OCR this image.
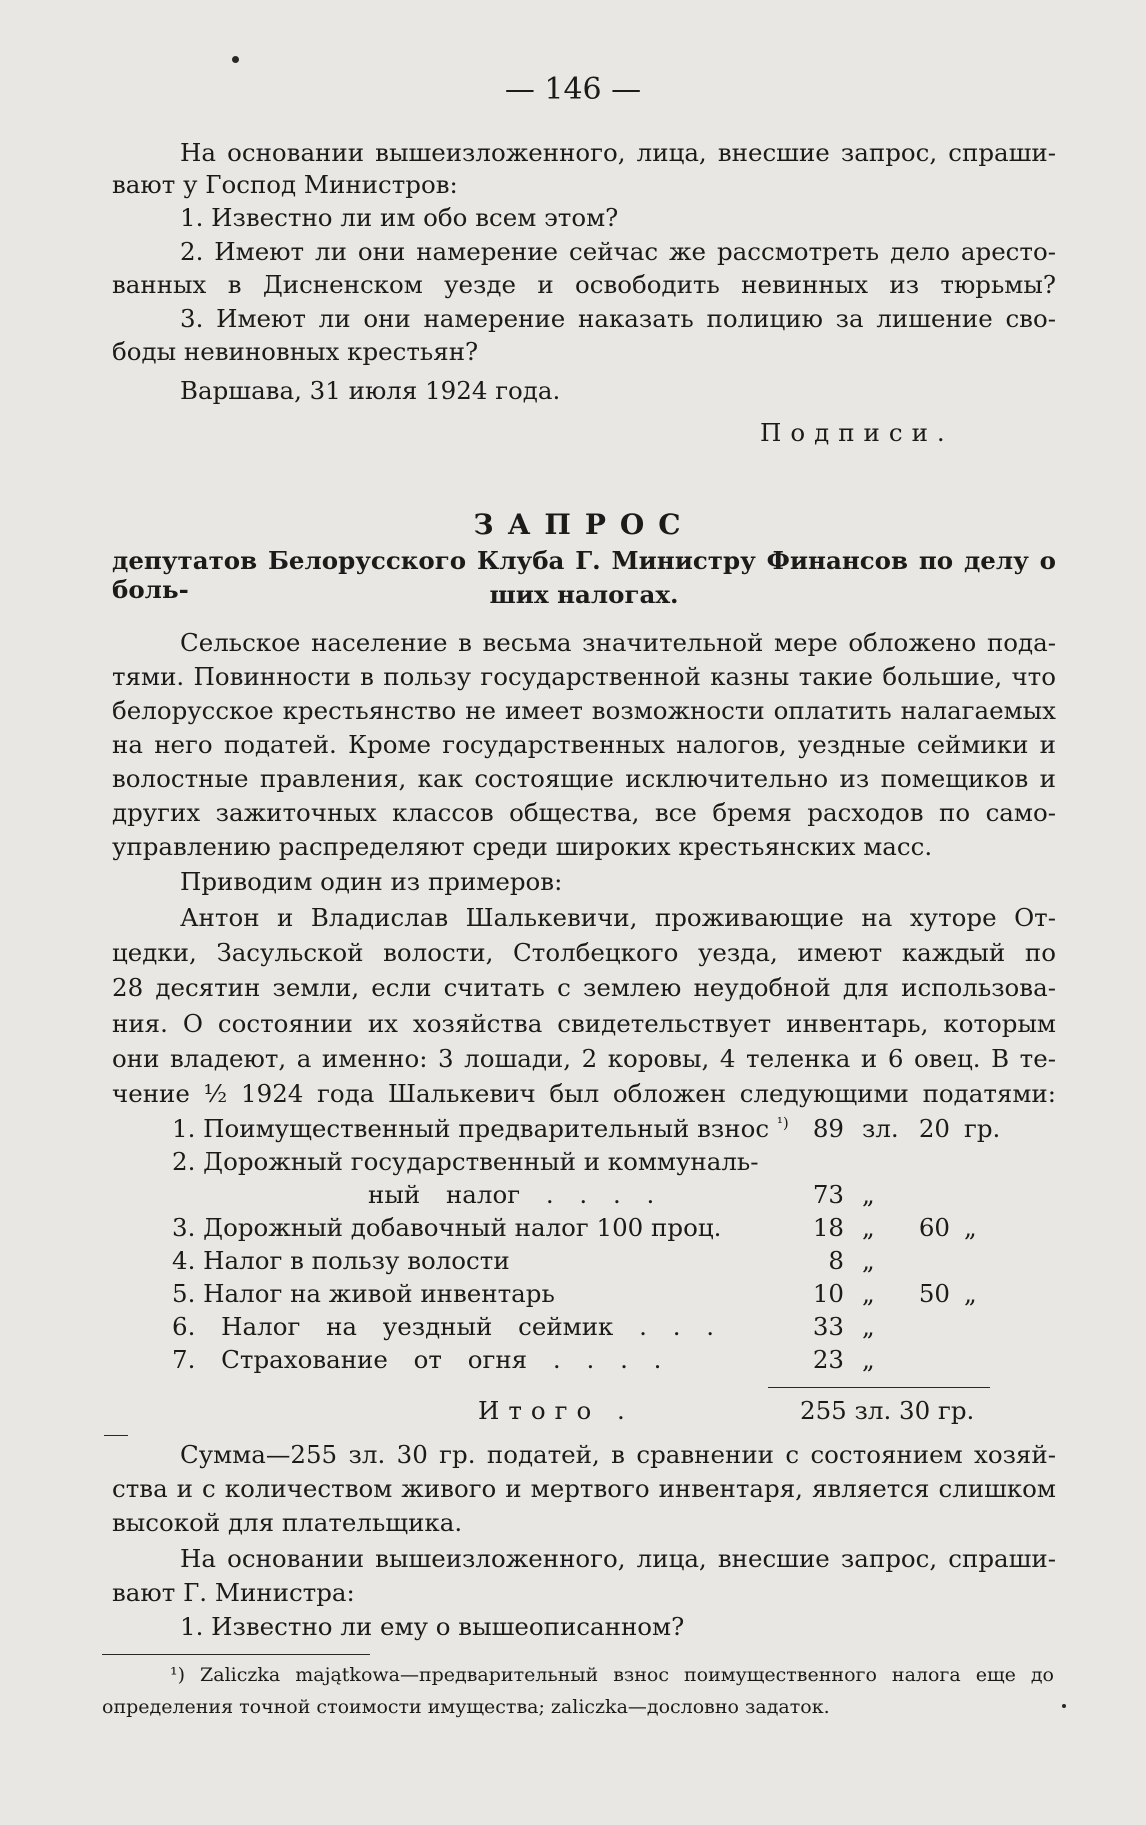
— 146 —
На основании вышеизложенного, лица, внесшие запрос, спраши-
вают у Господ Министров:
1. Известно ли им обо всем этом?
2. Имеют ли они намерение сейчас же рассмотреть дело аресто-
ванных в Дисненском уезде и освободить невинных из тюрьмы?
3. Имеют ли они намерение наказать полицию за лишение сво-
боды невиновных крестьян?
Варшава, 31 июля 1924 года.
Подписи.
ЗАПРОС
депутатов Белорусского Клуба Г. Министру Финансов по делу о боль-	ших налогах.
Сельское население в весьма значительной мере обложено пода-
тями. Повинности в пользу государственной казны такие большие, что
белорусское крестьянство не имеет возможности оплатить налагаемых
на него податей. Кроме государственных налогов, уездные сеймики и
волостные правления, как состоящие исключительно из помещиков и
других зажиточных классов общества, все бремя расходов по само-
управлению распределяют среди широких крестьянских масс.
Приводим один из примеров:
Антон и Владислав Шалькевичи, проживающие на хуторе От-
цедки, Засульской волости, Столбецкого уезда, имеют каждый по
28 десятин земли, если считать с землею неудобной для использова-
ния. О состоянии их хозяйства свидетельствует инвентарь, которым
они владеют, а именно: 3 лошади, 2 коровы, 4 теленка и 6 овец. В те-
чение ½ 1924 года Шалькевич был обложен следующими податями:
1. Поимущественный предварительный взнос $^{^1)}$ 89 зл. 20 гр.
2. Дорожный государственный и коммуналь-
ный налог . . . .	73 „
3. Дорожный добавочный налог 100 проц.	18 „ 60 „
4. Налог в пользу волости	8 „
5. Налог на живой инвентарь	10 „ 50 „
6. Налог на уездный сеймик . . .	33 „
7. Страхование от огня . . . .	23 „
Итого .	255 зл. 30 гр.
Сумма—255 зл. 30 гр. податей, в сравнении с состоянием хозяй-
ства и с количеством живого и мертвого инвентаря, является слишком
высокой для плательщика.
На основании вышеизложенного, лица, внесшие запрос, спраши-
вают Г. Министра:
1. Известно ли ему о вышеописанном?
¹) Zaliczka majątkowa—предварительный взнос поимущественного налога еще до
определения точной стоимости имущества; zaliczka—дословно задаток.
